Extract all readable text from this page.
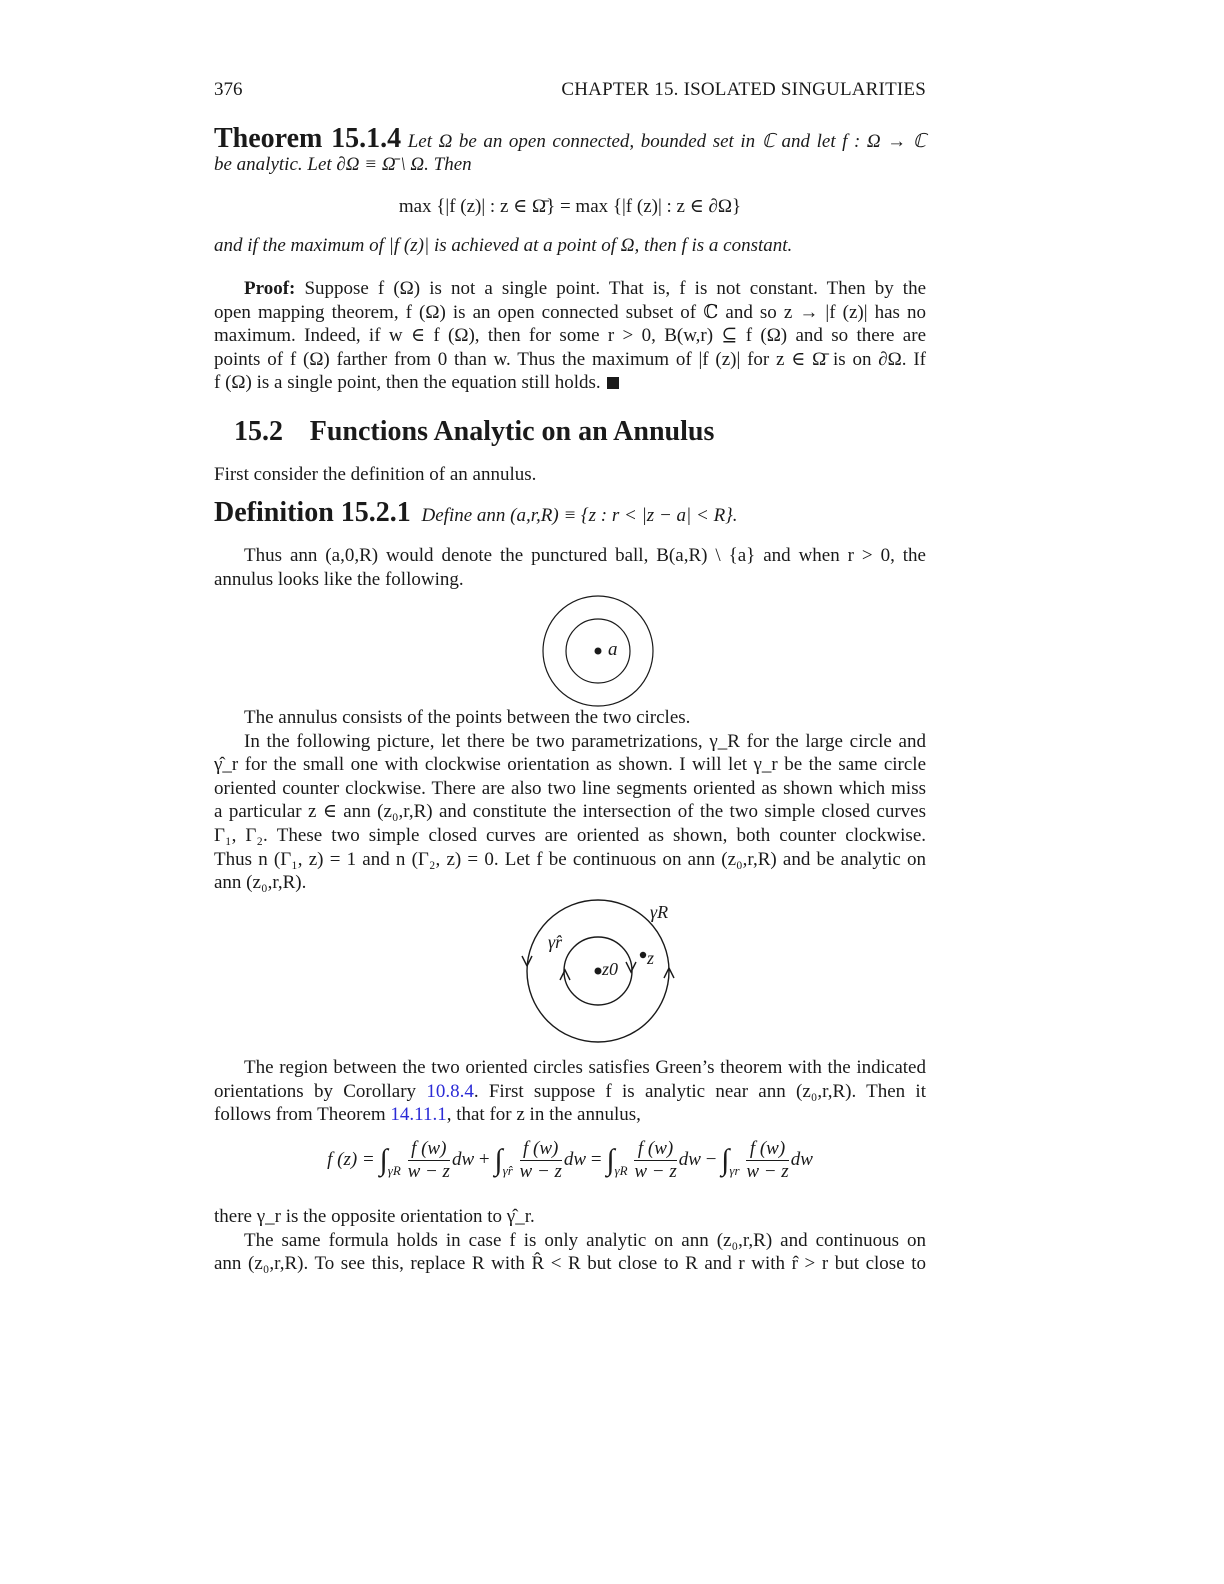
376	CHAPTER 15. ISOLATED SINGULARITIES
Theorem 15.1.4 Let Ω be an open connected, bounded set in ℂ and let f : Ω → ℂ
be analytic. Let ∂Ω ≡ Ω̄ \ Ω. Then
max {|f (z)| : z ∈ Ω̄} = max {|f (z)| : z ∈ ∂Ω}
and if the maximum of |f (z)| is achieved at a point of Ω, then f is a constant.
Proof: Suppose f (Ω) is not a single point. That is, f is not constant. Then by the
open mapping theorem, f (Ω) is an open connected subset of ℂ and so z → |f (z)| has no
maximum. Indeed, if w ∈ f (Ω), then for some r > 0, B(w,r) ⊆ f (Ω) and so there are
points of f (Ω) farther from 0 than w. Thus the maximum of |f (z)| for z ∈ Ω̄ is on ∂Ω. If
f (Ω) is a single point, then the equation still holds.
15.2 Functions Analytic on an Annulus
First consider the definition of an annulus.
Definition 15.2.1 Define ann (a,r,R) ≡ {z : r < |z − a| < R}.
Thus ann (a,0,R) would denote the punctured ball, B(a,R) \ {a} and when r > 0, the
annulus looks like the following.
a
The annulus consists of the points between the two circles.
In the following picture, let there be two parametrizations, γ_R for the large circle and
γ̂_r for the small one with clockwise orientation as shown. I will let γ_r be the same circle
oriented counter clockwise. There are also two line segments oriented as shown which miss
a particular z ∈ ann (z₀,r,R) and constitute the intersection of the two simple closed curves
Γ₁, Γ₂. These two simple closed curves are oriented as shown, both counter clockwise.
Thus n (Γ₁, z) = 1 and n (Γ₂, z) = 0. Let f be continuous on ann (z₀,r,R) and be analytic on
ann (z₀,r,R).
z0
z
γR
γ̂r
The region between the two oriented circles satisfies Green’s theorem with the indicated
orientations by Corollary 10.8.4. First suppose f is analytic near ann (z₀,r,R). Then it
follows from Theorem 14.11.1, that for z in the annulus,
f $(z) = \int_{\gamma R} \frac{f (w)}{w - z}$ dw + $\int_{\gammâr} \frac{f (w)}{w - z}$ dw = $\int_{\gamma R} \frac{f (w)}{w - z}$ dw − $\int_{\gamma r} \frac{f (w)}{w - z}$ dw
there γ_r is the opposite orientation to γ̂_r.
The same formula holds in case f is only analytic on ann (z₀,r,R) and continuous on
ann (z₀,r,R). To see this, replace R with R̂ < R but close to R and r with r̂ > r but close to
